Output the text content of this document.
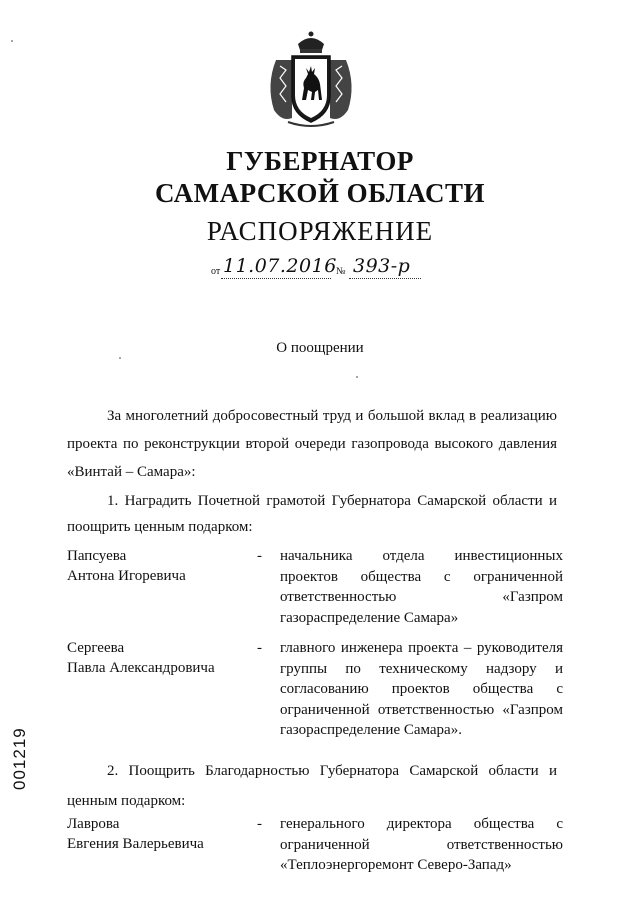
ГУБЕРНАТОР
САМАРСКОЙ ОБЛАСТИ
РАСПОРЯЖЕНИЕ
от 11.07.2016 № 393-р
О поощрении
За многолетний добросовестный труд и большой вклад в реализацию проекта по реконструкции второй очереди газопровода высокого давления «Винтай – Самара»:
1. Наградить Почетной грамотой Губернатора Самарской области и поощрить ценным подарком:
Папсуева
Антона Игоревича
- начальника отдела инвестиционных проектов общества с ограниченной ответственностью «Газпром газораспределение Самара»
Сергеева
Павла Александровича
- главного инженера проекта – руководителя группы по техническому надзору и согласованию проектов общества с ограниченной ответственностью «Газпром газораспределение Самара».
2. Поощрить Благодарностью Губернатора Самарской области и ценным подарком:
Лаврова
Евгения Валерьевича
- генерального директора общества с ограниченной ответственностью «Теплоэнергоремонт Северо-Запад»
001219
